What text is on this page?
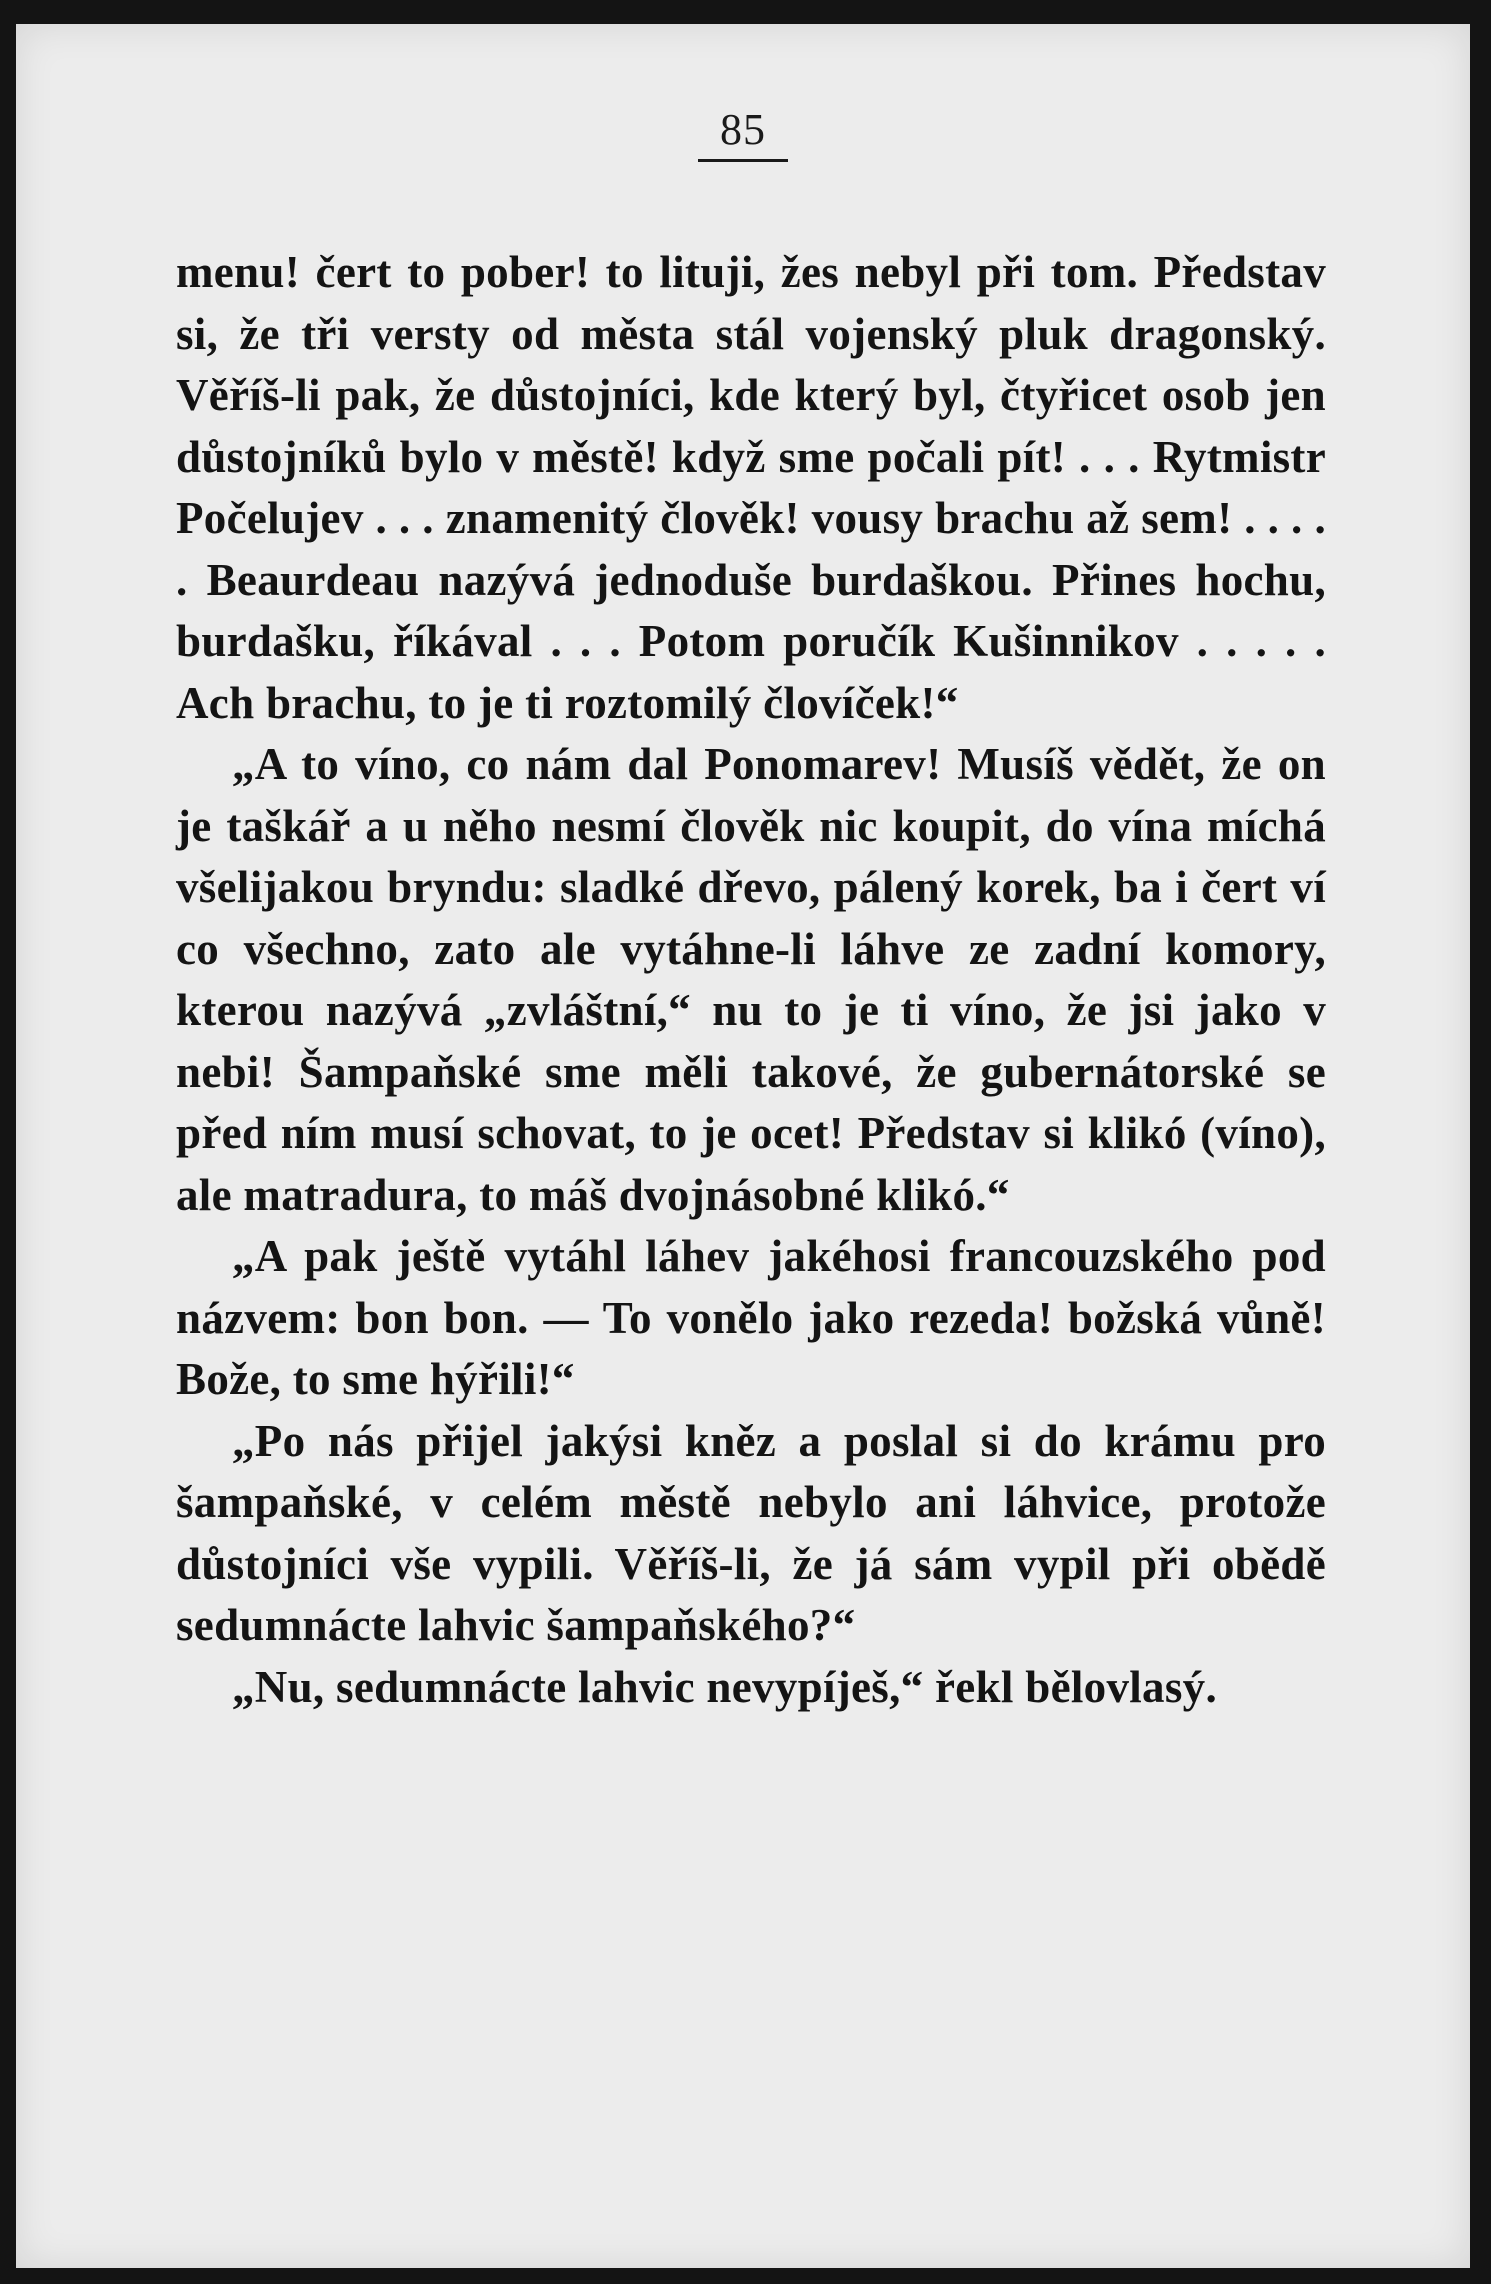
85

menu! čert to pober! to lituji, žes nebyl při tom. Představ si, že tři versty od města stál vojenský pluk dragonský. Věříš-li pak, že důstojníci, kde který byl, čtyřicet osob jen důstojníků bylo v městě! když sme počali pít! . . . Rytmistr Počelujev . . . znamenitý člověk! vousy brachu až sem! . . . . . Beaurdeau nazývá jednoduše burdaškou. Přines hochu, burdašku, říkával . . . Potom poručík Kušinnikov . . . . . Ach brachu, to je ti roztomilý človíček!“

„A to víno, co nám dal Ponomarev! Musíš vědět, že on je taškář a u něho nesmí člověk nic koupit, do vína míchá všelijakou bryndu: sladké dřevo, pálený korek, ba i čert ví co všechno, zato ale vytáhne-li láhve ze zadní komory, kterou nazývá „zvláštní,“ nu to je ti víno, že jsi jako v nebi! Šampaňské sme měli takové, že gubernátorské se před ním musí schovat, to je ocet! Představ si klikó (víno), ale matradura, to máš dvojnásobné klikó.“

„A pak ještě vytáhl láhev jakéhosi francouzského pod názvem: bon bon. — To vonělo jako rezeda! božská vůně! Bože, to sme hýřili!“

„Po nás přijel jakýsi kněz a poslal si do krámu pro šampaňské, v celém městě nebylo ani láhvice, protože důstojníci vše vypili. Věříš-li, že já sám vypil při obědě sedumnácte lahvic šampaňského?“

„Nu, sedumnácte lahvic nevypíješ,“ řekl bělovlasý.
